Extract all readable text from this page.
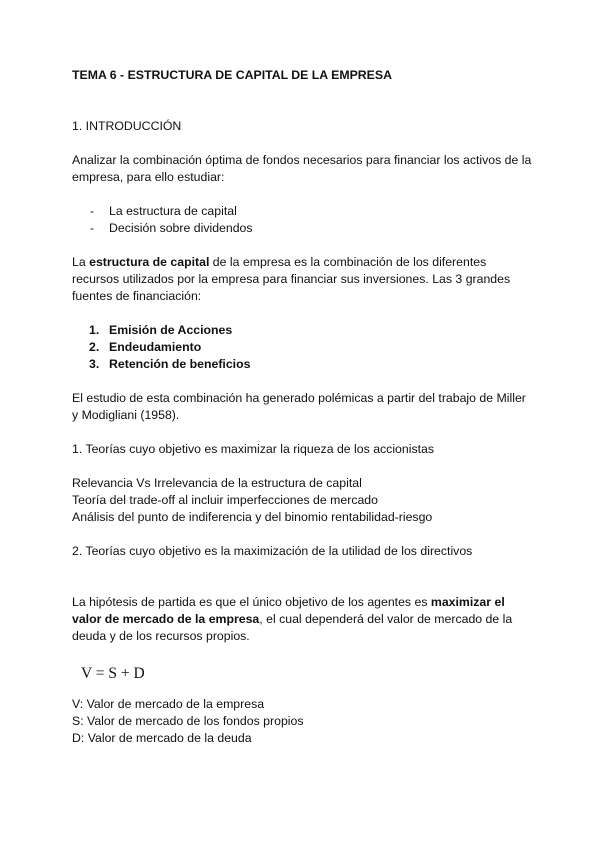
TEMA 6 - ESTRUCTURA DE CAPITAL DE LA EMPRESA

1. INTRODUCCIÓN

Analizar la combinación óptima de fondos necesarios para financiar los activos de la empresa, para ello estudiar:

- La estructura de capital
- Decisión sobre dividendos

La estructura de capital de la empresa es la combinación de los diferentes recursos utilizados por la empresa para financiar sus inversiones. Las 3 grandes fuentes de financiación:

1. Emisión de Acciones
2. Endeudamiento
3. Retención de beneficios

El estudio de esta combinación ha generado polémicas a partir del trabajo de Miller y Modigliani (1958).

1. Teorías cuyo objetivo es maximizar la riqueza de los accionistas

Relevancia Vs Irrelevancia de la estructura de capital

Teoría del trade-off al incluir imperfecciones de mercado

Análisis del punto de indiferencia y del binomio rentabilidad-riesgo

2. Teorías cuyo objetivo es la maximización de la utilidad de los directivos

La hipótesis de partida es que el único objetivo de los agentes es maximizar el valor de mercado de la empresa, el cual dependerá del valor de mercado de la deuda y de los recursos propios.

V = S + D

V: Valor de mercado de la empresa

S: Valor de mercado de los fondos propios

D: Valor de mercado de la deuda
